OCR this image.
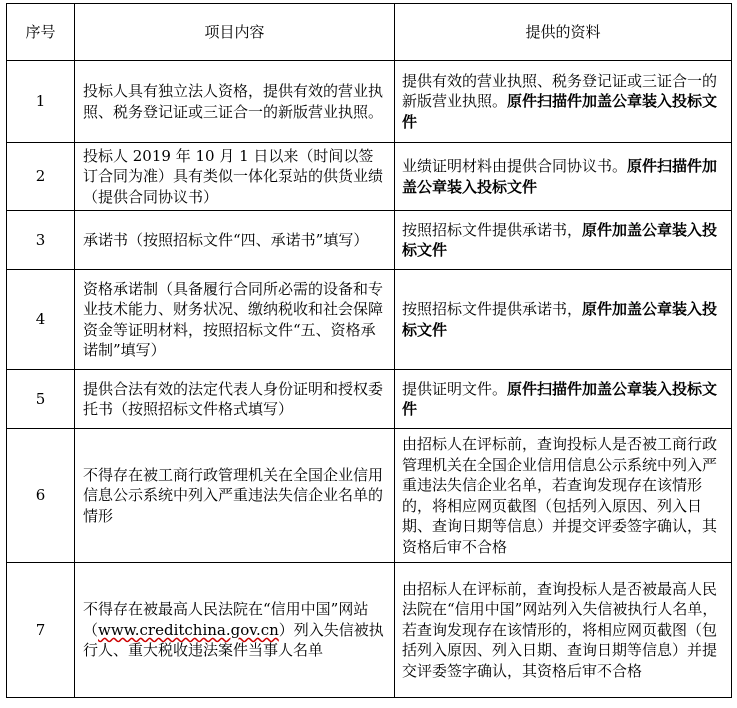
序号	项目内容	提供的资料
1	投标人具有独立法人资格，提供有效的营业执照、税务登记证或三证合一的新版营业执照。	提供有效的营业执照、税务登记证或三证合一的新版营业执照。原件扫描件加盖公章装入投标文件
2	投标人 2019 年 10 月 1 日以来（时间以签订合同为准）具有类似一体化泵站的供货业绩（提供合同协议书）	业绩证明材料由提供合同协议书。原件扫描件加盖公章装入投标文件
3	承诺书（按照招标文件“四、承诺书”填写）	按照招标文件提供承诺书，原件加盖公章装入投标文件
4	资格承诺制（具备履行合同所必需的设备和专业技术能力、财务状况、缴纳税收和社会保障资金等证明材料，按照招标文件“五、资格承诺制”填写）	按照招标文件提供承诺书，原件加盖公章装入投标文件
5	提供合法有效的法定代表人身份证明和授权委托书（按照招标文件格式填写）	提供证明文件。原件扫描件加盖公章装入投标文件
6	不得存在被工商行政管理机关在全国企业信用信息公示系统中列入严重违法失信企业名单的情形	由招标人在评标前，查询投标人是否被工商行政管理机关在全国企业信用信息公示系统中列入严重违法失信企业名单，若查询发现存在该情形的，将相应网页截图（包括列入原因、列入日期、查询日期等信息）并提交评委签字确认，其资格后审不合格
7	不得存在被最高人民法院在“信用中国”网站（www.creditchina.gov.cn）列入失信被执行人、重大税收违法案件当事人名单	由招标人在评标前，查询投标人是否被最高人民法院在“信用中国”网站列入失信被执行人名单，若查询发现存在该情形的，将相应网页截图（包括列入原因、列入日期、查询日期等信息）并提交评委签字确认，其资格后审不合格
